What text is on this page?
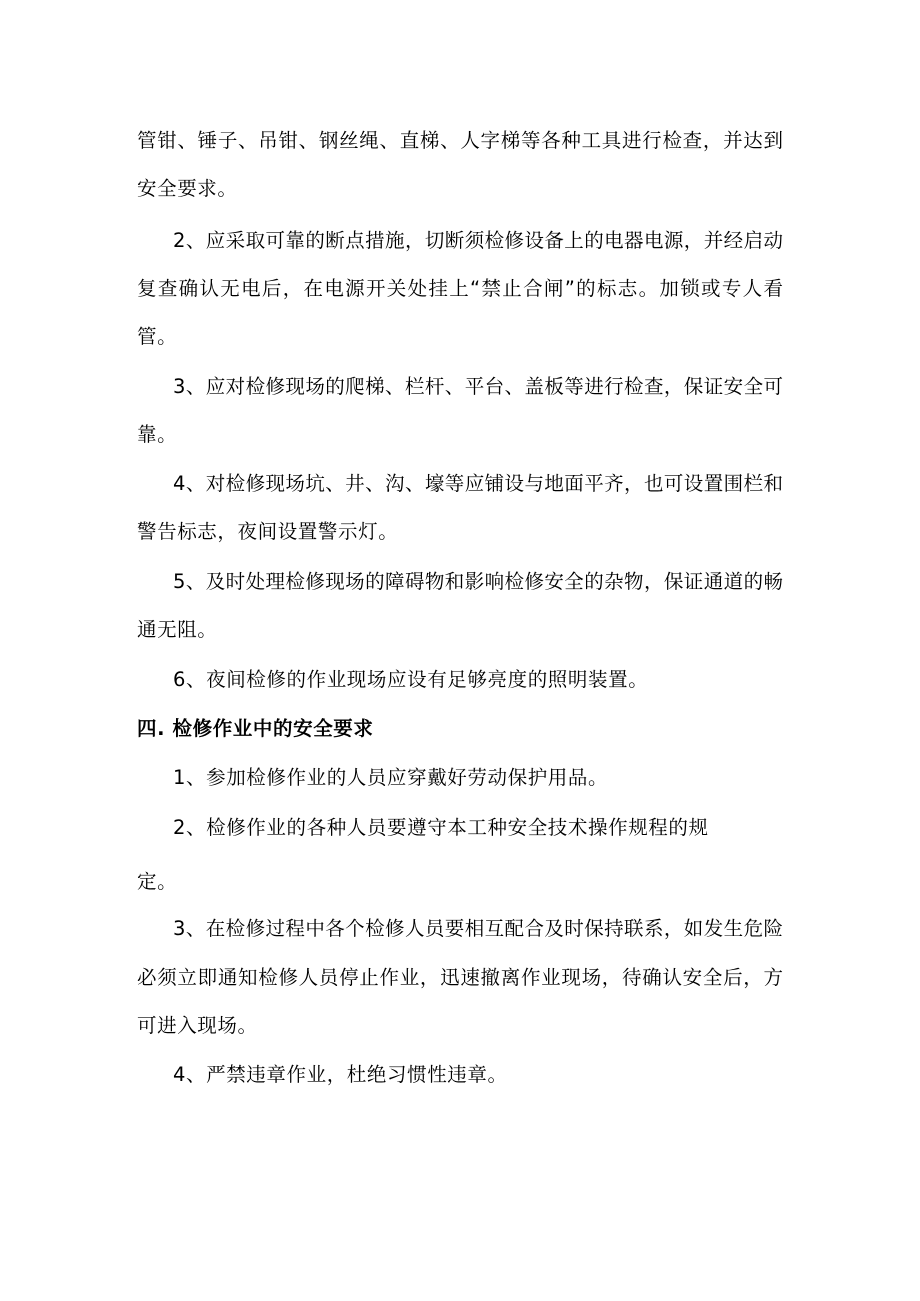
管钳、锤子、吊钳、钢丝绳、直梯、人字梯等各种工具进行检查，并达到
安全要求。
2、应采取可靠的断点措施，切断须检修设备上的电器电源，并经启动
复查确认无电后，在电源开关处挂上“禁止合闸”的标志。加锁或专人看
管。
3、应对检修现场的爬梯、栏杆、平台、盖板等进行检查，保证安全可
靠。
4、对检修现场坑、井、沟、壕等应铺设与地面平齐，也可设置围栏和
警告标志，夜间设置警示灯。
5、及时处理检修现场的障碍物和影响检修安全的杂物，保证通道的畅
通无阻。
6、夜间检修的作业现场应设有足够亮度的照明装置。
四. 检修作业中的安全要求
1、参加检修作业的人员应穿戴好劳动保护用品。
2、检修作业的各种人员要遵守本工种安全技术操作规程的规
定。
3、在检修过程中各个检修人员要相互配合及时保持联系，如发生危险
必须立即通知检修人员停止作业，迅速撤离作业现场，待确认安全后，方
可进入现场。
4、严禁违章作业，杜绝习惯性违章。
